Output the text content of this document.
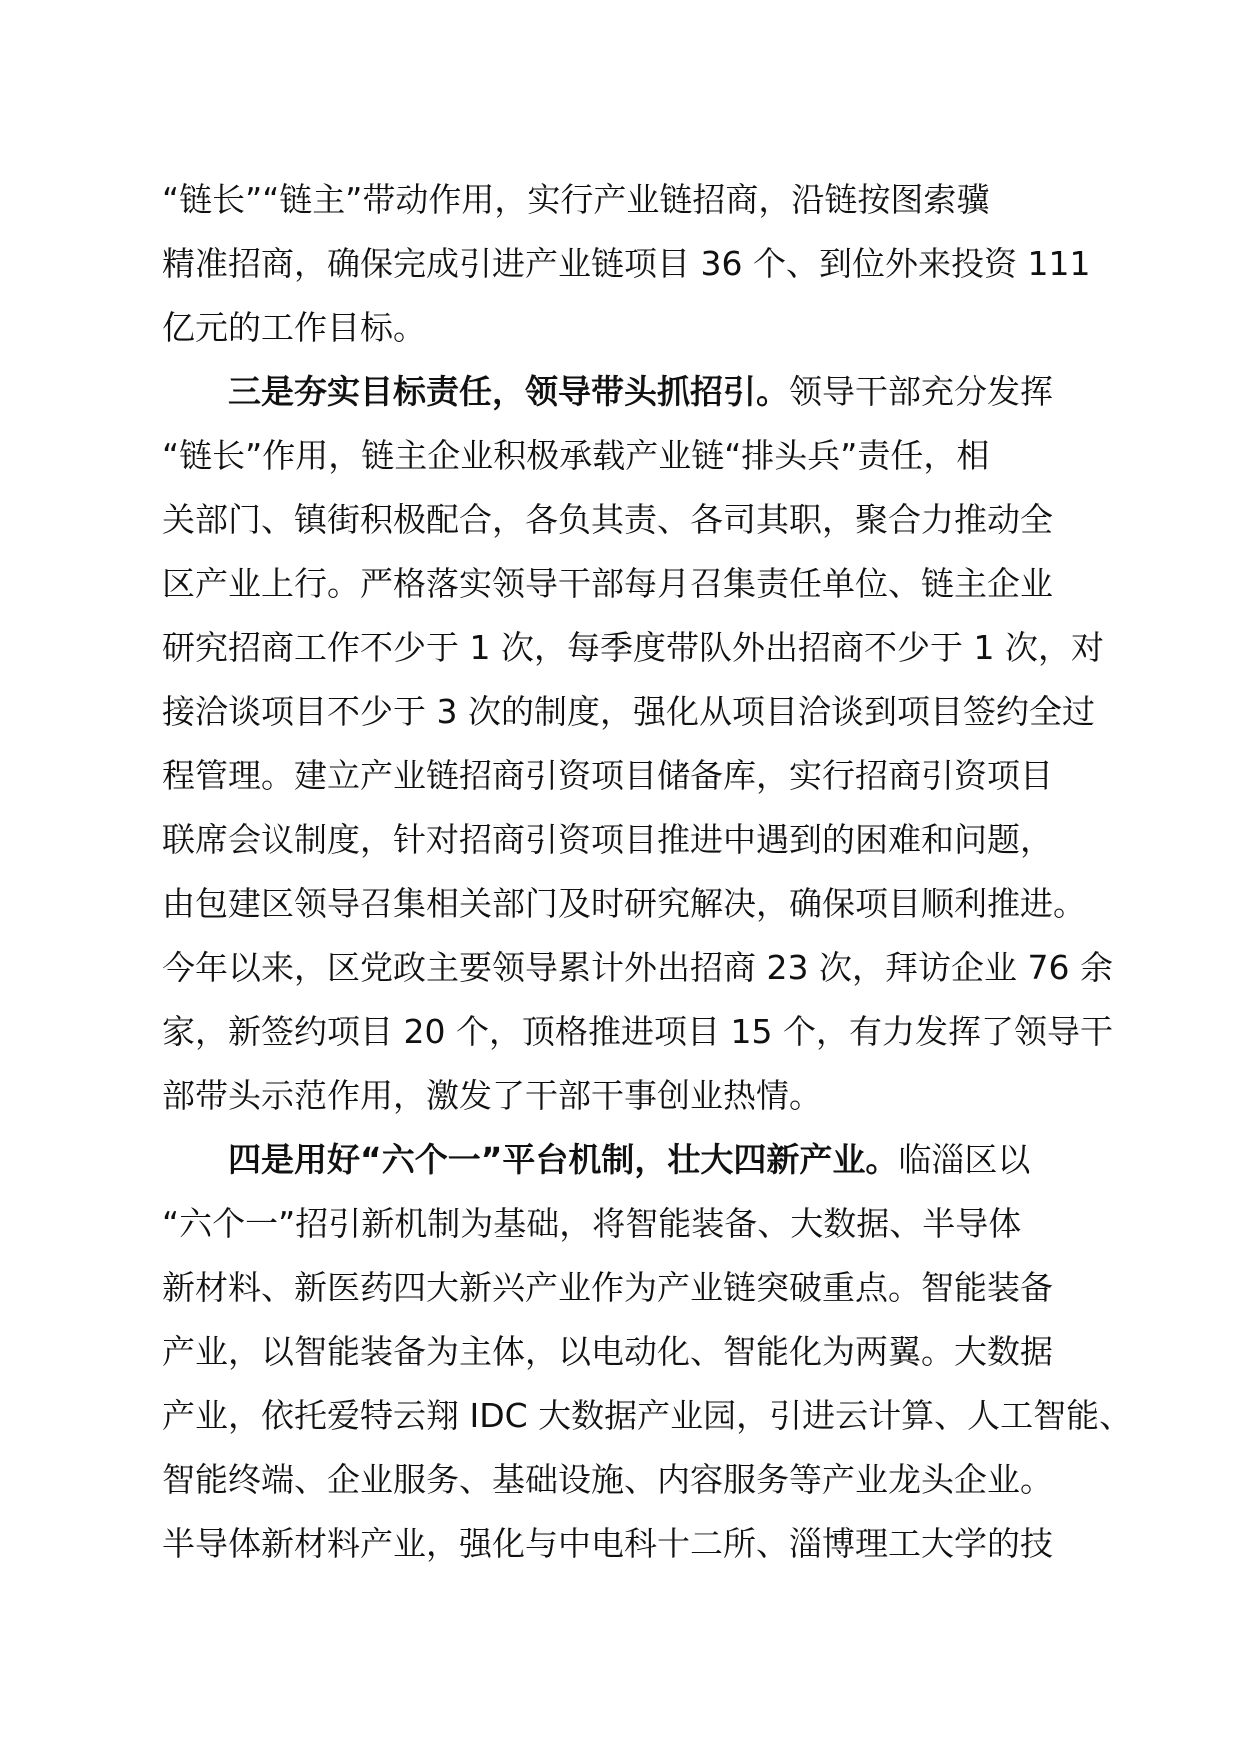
“链长”“链主”带动作用，实行产业链招商，沿链按图索骥
精准招商，确保完成引进产业链项目 36 个、到位外来投资 111
亿元的工作目标。
三是夯实目标责任，领导带头抓招引。领导干部充分发挥
“链长”作用，链主企业积极承载产业链“排头兵”责任，相
关部门、镇街积极配合，各负其责、各司其职，聚合力推动全
区产业上行。严格落实领导干部每月召集责任单位、链主企业
研究招商工作不少于 1 次，每季度带队外出招商不少于 1 次，对
接洽谈项目不少于 3 次的制度，强化从项目洽谈到项目签约全过
程管理。建立产业链招商引资项目储备库，实行招商引资项目
联席会议制度，针对招商引资项目推进中遇到的困难和问题，
由包建区领导召集相关部门及时研究解决，确保项目顺利推进。
今年以来，区党政主要领导累计外出招商 23 次，拜访企业 76 余
家，新签约项目 20 个，顶格推进项目 15 个，有力发挥了领导干
部带头示范作用，激发了干部干事创业热情。
四是用好“六个一”平台机制，壮大四新产业。临淄区以
“六个一”招引新机制为基础，将智能装备、大数据、半导体
新材料、新医药四大新兴产业作为产业链突破重点。智能装备
产业，以智能装备为主体，以电动化、智能化为两翼。大数据
产业，依托爱特云翔 IDC 大数据产业园，引进云计算、人工智能、
智能终端、企业服务、基础设施、内容服务等产业龙头企业。
半导体新材料产业，强化与中电科十二所、淄博理工大学的技
